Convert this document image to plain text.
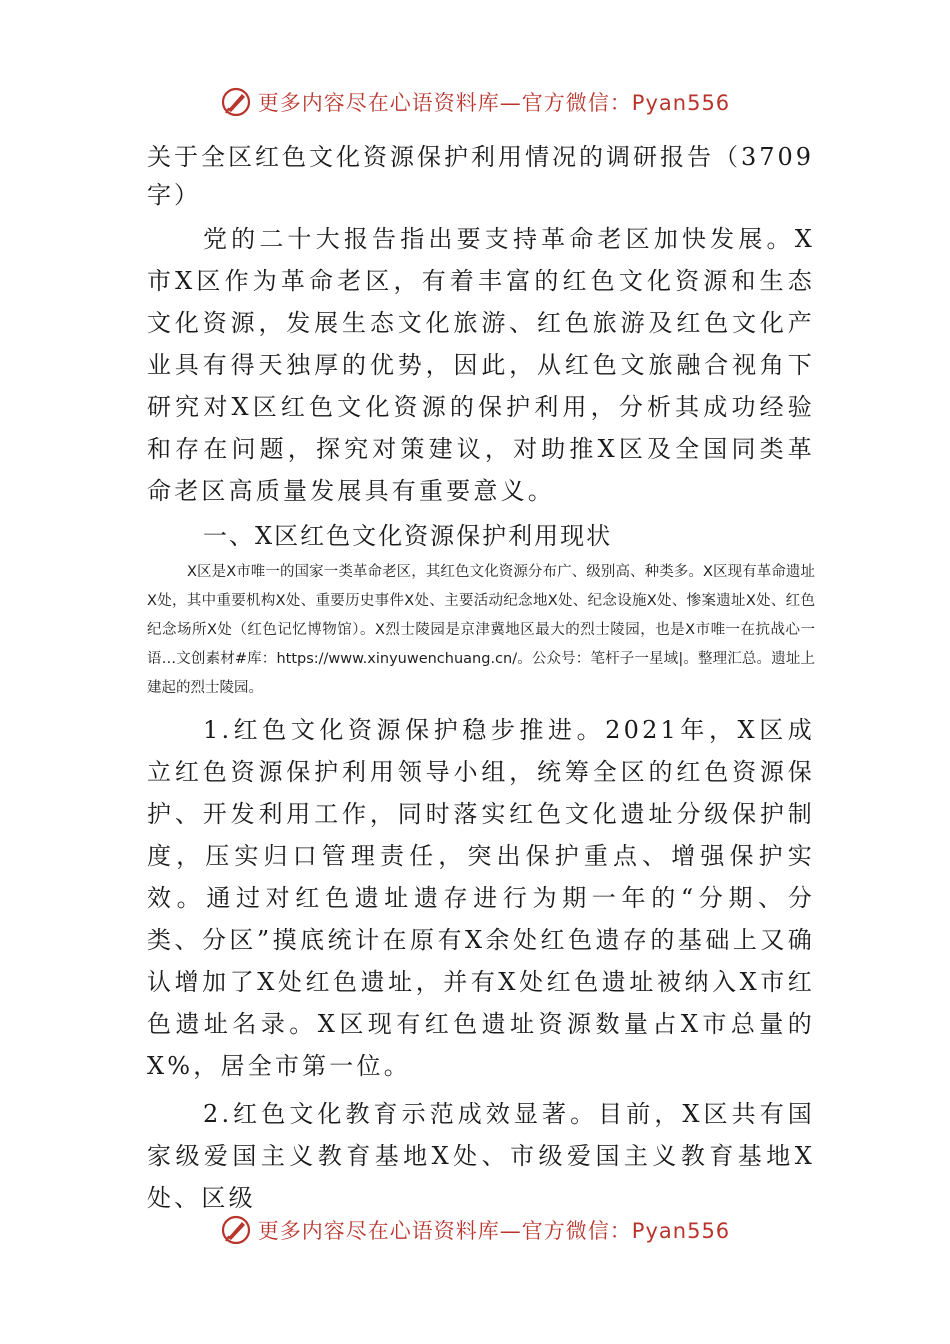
更多内容尽在心语资料库—官方微信：Pyan556

关于全区红色文化资源保护利用情况的调研报告（3709字）

党的二十大报告指出要支持革命老区加快发展。X市X区作为革命老区，有着丰富的红色文化资源和生态文化资源，发展生态文化旅游、红色旅游及红色文化产业具有得天独厚的优势，因此，从红色文旅融合视角下研究对X区红色文化资源的保护利用，分析其成功经验和存在问题，探究对策建议，对助推X区及全国同类革命老区高质量发展具有重要意义。

一、X区红色文化资源保护利用现状

X区是X市唯一的国家一类革命老区，其红色文化资源分布广、级别高、种类多。X区现有革命遗址X处，其中重要机构X处、重要历史事件X处、主要活动纪念地X处、纪念设施X处、惨案遗址X处、红色纪念场所X处（红色记忆博物馆）。X烈士陵园是京津冀地区最大的烈士陵园，也是X市唯一在抗战心一语…文创素材#库：https://www.xinyuwenchuang.cn/。公众号：笔杆子一星域|。整理汇总。遗址上建起的烈士陵园。

1.红色文化资源保护稳步推进。2021年，X区成立红色资源保护利用领导小组，统筹全区的红色资源保护、开发利用工作，同时落实红色文化遗址分级保护制度，压实归口管理责任，突出保护重点、增强保护实效。通过对红色遗址遗存进行为期一年的“分期、分类、分区”摸底统计在原有X余处红色遗存的基础上又确认增加了X处红色遗址，并有X处红色遗址被纳入X市红色遗址名录。X区现有红色遗址资源数量占X市总量的X%，居全市第一位。

2.红色文化教育示范成效显著。目前，X区共有国家级爱国主义教育基地X处、市级爱国主义教育基地X处、区级

更多内容尽在心语资料库—官方微信：Pyan556
